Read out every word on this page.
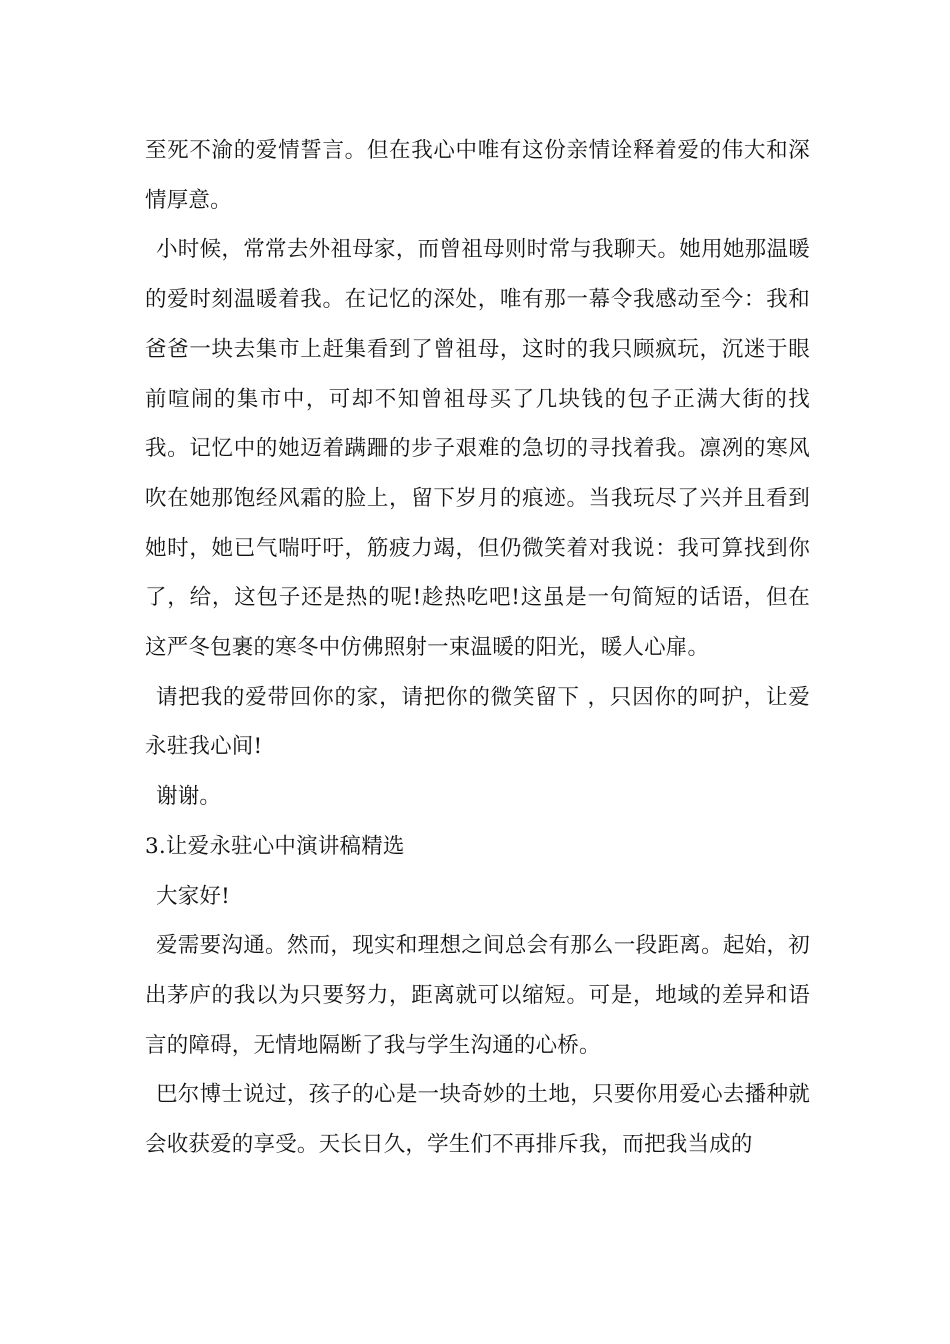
至死不渝的爱情誓言。但在我心中唯有这份亲情诠释着爱的伟大和深情厚意。

小时候，常常去外祖母家，而曾祖母则时常与我聊天。她用她那温暖的爱时刻温暖着我。在记忆的深处，唯有那一幕令我感动至今：我和爸爸一块去集市上赶集看到了曾祖母，这时的我只顾疯玩，沉迷于眼前喧闹的集市中，可却不知曾祖母买了几块钱的包子正满大街的找我。记忆中的她迈着蹒跚的步子艰难的急切的寻找着我。凛冽的寒风吹在她那饱经风霜的脸上，留下岁月的痕迹。当我玩尽了兴并且看到她时，她已气喘吁吁，筋疲力竭，但仍微笑着对我说：我可算找到你了，给，这包子还是热的呢!趁热吃吧!这虽是一句简短的话语，但在这严冬包裹的寒冬中仿佛照射一束温暖的阳光，暖人心扉。

请把我的爱带回你的家，请把你的微笑留下 ，只因你的呵护，让爱永驻我心间!

谢谢。

3.让爱永驻心中演讲稿精选

大家好!

爱需要沟通。然而，现实和理想之间总会有那么一段距离。起始，初出茅庐的我以为只要努力，距离就可以缩短。可是，地域的差异和语言的障碍，无情地隔断了我与学生沟通的心桥。

巴尔博士说过，孩子的心是一块奇妙的土地，只要你用爱心去播种就会收获爱的享受。天长日久，学生们不再排斥我，而把我当成的
